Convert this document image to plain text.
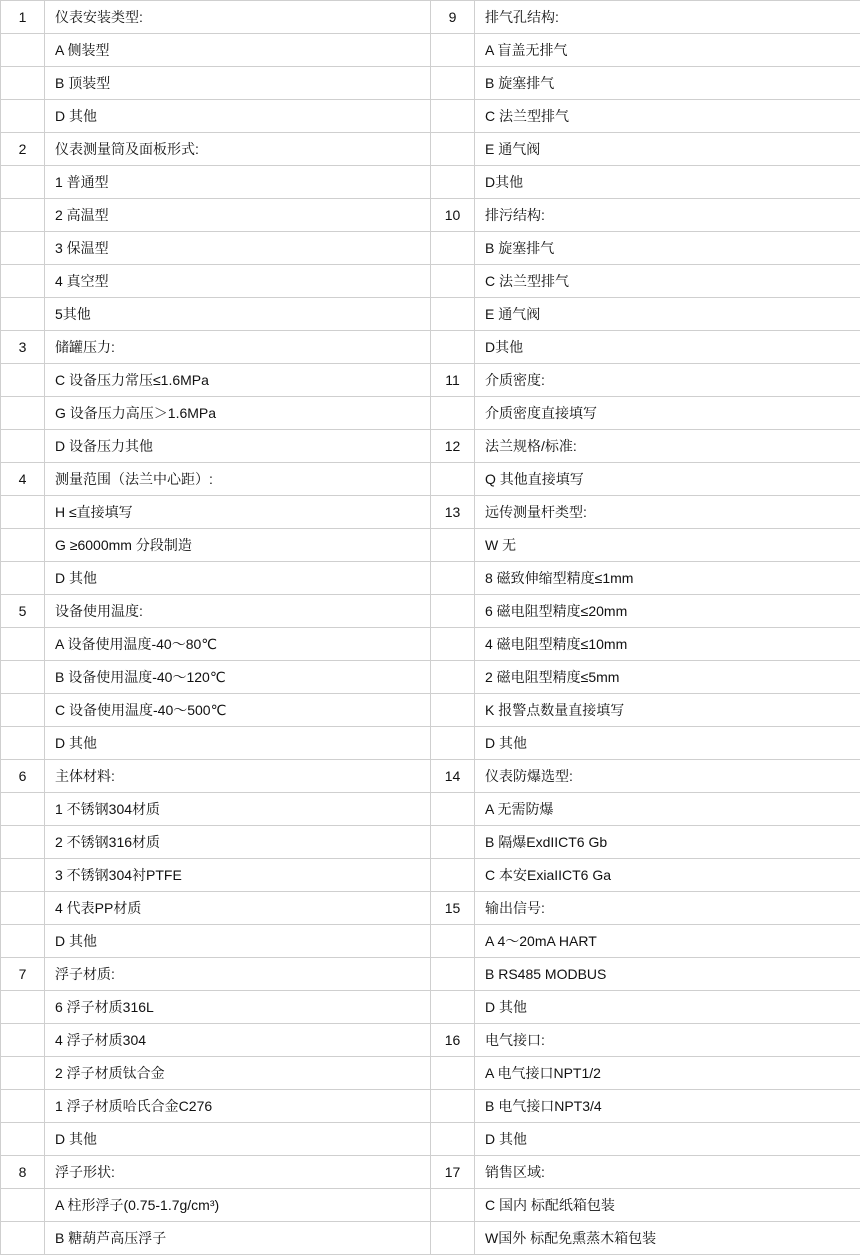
1	仪表安装类型:	9	排气孔结构:
	A 侧装型		A 盲盖无排气
	B 顶装型		B 旋塞排气
	D 其他		C 法兰型排气
2	仪表测量筒及面板形式:		E 通气阀
	1 普通型		D其他
	2 高温型	10	排污结构:
	3 保温型		B 旋塞排气
	4 真空型		C 法兰型排气
	5其他		E 通气阀
3	储罐压力:		D其他
	C 设备压力常压≤1.6MPa	11	介质密度:
	G 设备压力高压＞1.6MPa		介质密度直接填写
	D 设备压力其他	12	法兰规格/标准:
4	测量范围（法兰中心距）:		Q 其他直接填写
	H ≤直接填写	13	远传测量杆类型:
	G ≥6000mm 分段制造		W 无
	D 其他		8 磁致伸缩型精度≤1mm
5	设备使用温度:		6 磁电阻型精度≤20mm
	A 设备使用温度-40～80℃		4 磁电阻型精度≤10mm
	B 设备使用温度-40～120℃		2 磁电阻型精度≤5mm
	C 设备使用温度-40～500℃		K 报警点数量直接填写
	D 其他		D 其他
6	主体材料:	14	仪表防爆选型:
	1 不锈钢304材质		A 无需防爆
	2 不锈钢316材质		B 隔爆ExdIICT6 Gb
	3 不锈钢304衬PTFE		C 本安ExiaIICT6 Ga
	4 代表PP材质	15	输出信号:
	D 其他		A 4～20mA HART
7	浮子材质:		B RS485 MODBUS
	6 浮子材质316L		D 其他
	4 浮子材质304	16	电气接口:
	2 浮子材质钛合金		A 电气接口NPT1/2
	1 浮子材质哈氏合金C276		B 电气接口NPT3/4
	D 其他		D 其他
8	浮子形状:	17	销售区域:
	A 柱形浮子(0.75-1.7g/cm³)		C 国内 标配纸箱包装
	B 糖葫芦高压浮子		W国外 标配免熏蒸木箱包装
